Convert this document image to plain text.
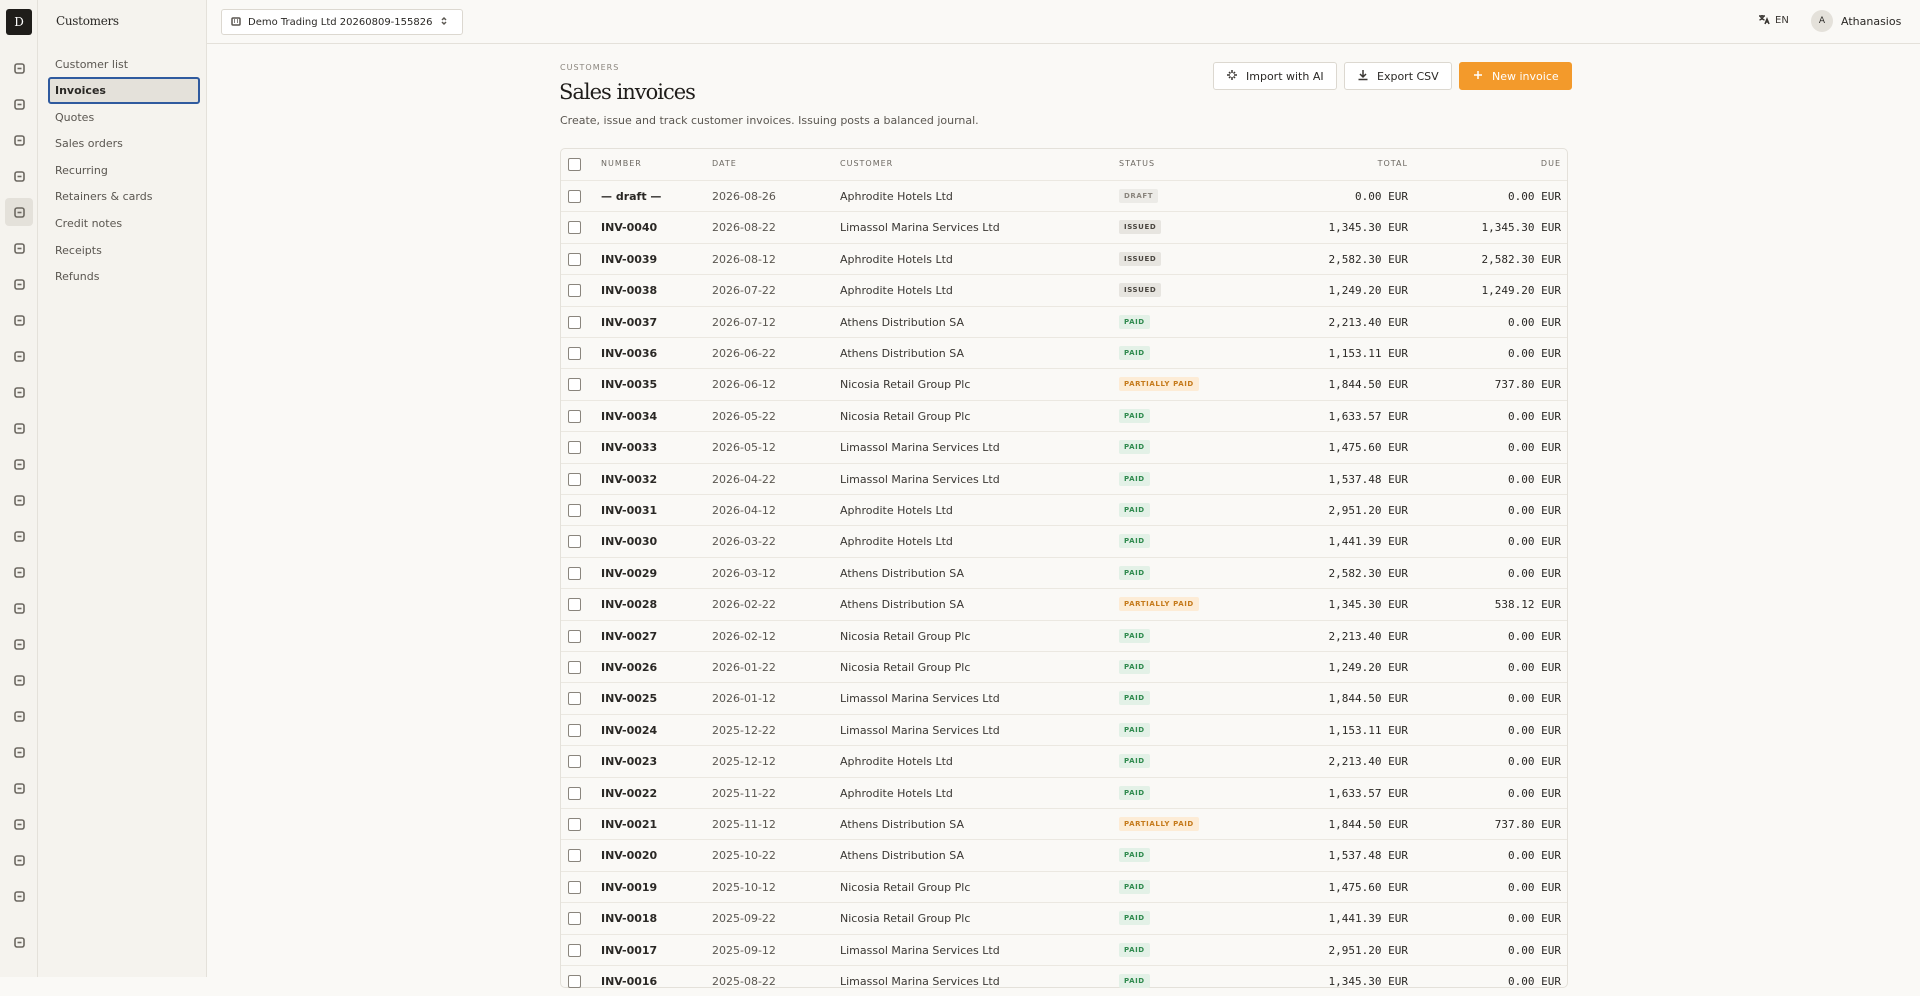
D	Customers
Customer list
Invoices
Quotes
Sales orders
Recurring
Retainers & cards
Credit notes
Receipts
Refunds
Demo Trading Ltd 20260809-155826	EN	A	Athanasios
CUSTOMERS
Sales invoices
Create, issue and track customer invoices. Issuing posts a balanced journal.
Import with AI	Export CSV	New invoice
NUMBER	DATE	CUSTOMER	STATUS	TOTAL	DUE
— draft —	2026-08-26	Aphrodite Hotels Ltd	DRAFT	0.00 EUR	0.00 EUR
INV-0040	2026-08-22	Limassol Marina Services Ltd	ISSUED	1,345.30 EUR	1,345.30 EUR
INV-0039	2026-08-12	Aphrodite Hotels Ltd	ISSUED	2,582.30 EUR	2,582.30 EUR
INV-0038	2026-07-22	Aphrodite Hotels Ltd	ISSUED	1,249.20 EUR	1,249.20 EUR
INV-0037	2026-07-12	Athens Distribution SA	PAID	2,213.40 EUR	0.00 EUR
INV-0036	2026-06-22	Athens Distribution SA	PAID	1,153.11 EUR	0.00 EUR
INV-0035	2026-06-12	Nicosia Retail Group Plc	PARTIALLY PAID	1,844.50 EUR	737.80 EUR
INV-0034	2026-05-22	Nicosia Retail Group Plc	PAID	1,633.57 EUR	0.00 EUR
INV-0033	2026-05-12	Limassol Marina Services Ltd	PAID	1,475.60 EUR	0.00 EUR
INV-0032	2026-04-22	Limassol Marina Services Ltd	PAID	1,537.48 EUR	0.00 EUR
INV-0031	2026-04-12	Aphrodite Hotels Ltd	PAID	2,951.20 EUR	0.00 EUR
INV-0030	2026-03-22	Aphrodite Hotels Ltd	PAID	1,441.39 EUR	0.00 EUR
INV-0029	2026-03-12	Athens Distribution SA	PAID	2,582.30 EUR	0.00 EUR
INV-0028	2026-02-22	Athens Distribution SA	PARTIALLY PAID	1,345.30 EUR	538.12 EUR
INV-0027	2026-02-12	Nicosia Retail Group Plc	PAID	2,213.40 EUR	0.00 EUR
INV-0026	2026-01-22	Nicosia Retail Group Plc	PAID	1,249.20 EUR	0.00 EUR
INV-0025	2026-01-12	Limassol Marina Services Ltd	PAID	1,844.50 EUR	0.00 EUR
INV-0024	2025-12-22	Limassol Marina Services Ltd	PAID	1,153.11 EUR	0.00 EUR
INV-0023	2025-12-12	Aphrodite Hotels Ltd	PAID	2,213.40 EUR	0.00 EUR
INV-0022	2025-11-22	Aphrodite Hotels Ltd	PAID	1,633.57 EUR	0.00 EUR
INV-0021	2025-11-12	Athens Distribution SA	PARTIALLY PAID	1,844.50 EUR	737.80 EUR
INV-0020	2025-10-22	Athens Distribution SA	PAID	1,537.48 EUR	0.00 EUR
INV-0019	2025-10-12	Nicosia Retail Group Plc	PAID	1,475.60 EUR	0.00 EUR
INV-0018	2025-09-22	Nicosia Retail Group Plc	PAID	1,441.39 EUR	0.00 EUR
INV-0017	2025-09-12	Limassol Marina Services Ltd	PAID	2,951.20 EUR	0.00 EUR
INV-0016	2025-08-22	Limassol Marina Services Ltd	PAID	1,345.30 EUR	0.00 EUR
